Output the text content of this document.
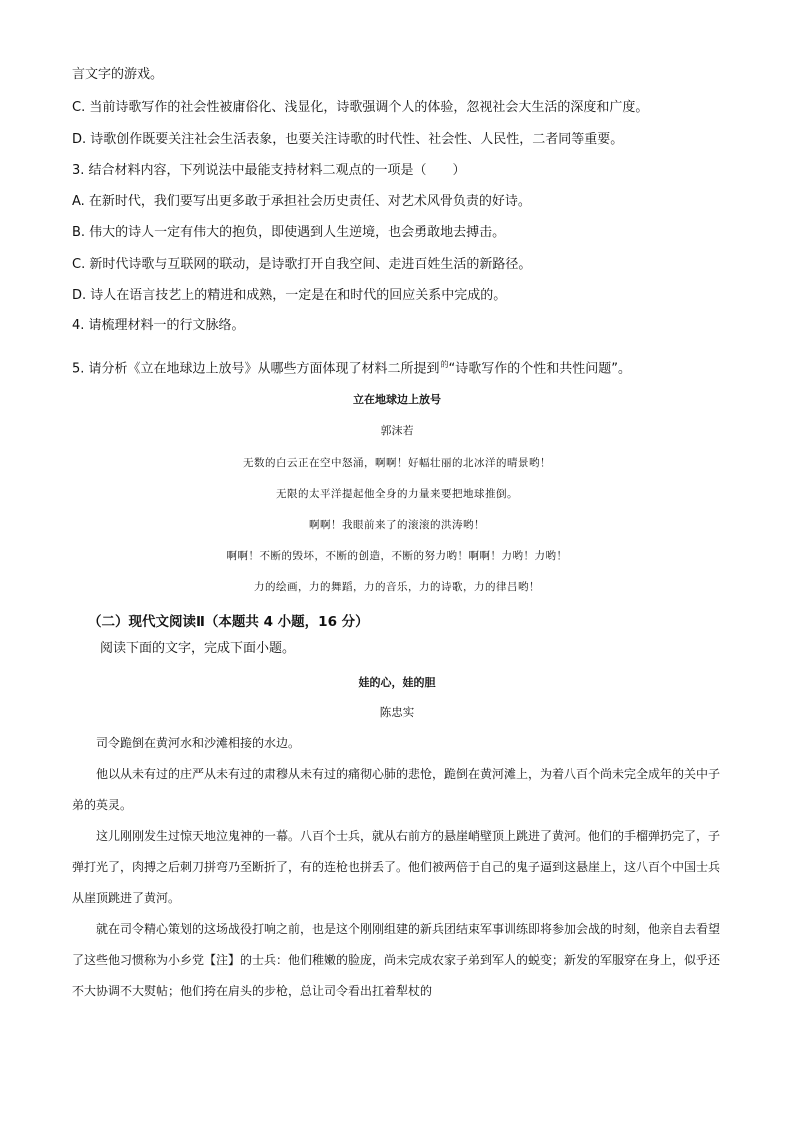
言文字的游戏。
C. 当前诗歌写作的社会性被庸俗化、浅显化，诗歌强调个人的体验，忽视社会大生活的深度和广度。
D. 诗歌创作既要关注社会生活表象，也要关注诗歌的时代性、社会性、人民性，二者同等重要。
3. 结合材料内容，下列说法中最能支持材料二观点的一项是（　　）
A. 在新时代，我们要写出更多敢于承担社会历史责任、对艺术风骨负责的好诗。
B. 伟大的诗人一定有伟大的抱负，即使遇到人生逆境，也会勇敢地去搏击。
C. 新时代诗歌与互联网的联动，是诗歌打开自我空间、走进百姓生活的新路径。
D. 诗人在语言技艺上的精进和成熟，一定是在和时代的回应关系中完成的。
4. 请梳理材料一的行文脉络。
5. 请分析《立在地球边上放号》从哪些方面体现了材料二所提到$^的$“诗歌写作的个性和共性问题”。
立在地球边上放号
郭沫若
无数的白云正在空中怒涌，啊啊！好幅壮丽的北冰洋的晴景哟！
无限的太平洋提起他全身的力量来要把地球推倒。
啊啊！我眼前来了的滚滚的洪涛哟！
啊啊！不断的毁坏，不断的创造，不断的努力哟！啊啊！力哟！力哟！
力的绘画，力的舞蹈，力的音乐，力的诗歌，力的律吕哟！
（二）现代文阅读Ⅱ（本题共 4 小题，16 分）
阅读下面的文字，完成下面小题。
娃的心，娃的胆
陈忠实
司令跪倒在黄河水和沙滩相接的水边。
他以从未有过的庄严从未有过的肃穆从未有过的痛彻心肺的悲怆，跪倒在黄河滩上，为着八百个尚未完全成年的关中子弟的英灵。
这儿刚刚发生过惊天地泣鬼神的一幕。八百个士兵，就从右前方的悬崖峭壁顶上跳进了黄河。他们的手榴弹扔完了，子弹打光了，肉搏之后刺刀拼弯乃至断折了，有的连枪也拼丢了。他们被两倍于自己的鬼子逼到这悬崖上，这八百个中国士兵从崖顶跳进了黄河。
就在司令精心策划的这场战役打响之前，也是这个刚刚组建的新兵团结束军事训练即将参加会战的时刻，他亲自去看望了这些他习惯称为小乡党【注】的士兵：他们稚嫩的脸庞，尚未完成农家子弟到军人的蜕变；新发的军服穿在身上，似乎还不大协调不大熨帖；他们挎在肩头的步枪，总让司令看出扛着犁杖的
